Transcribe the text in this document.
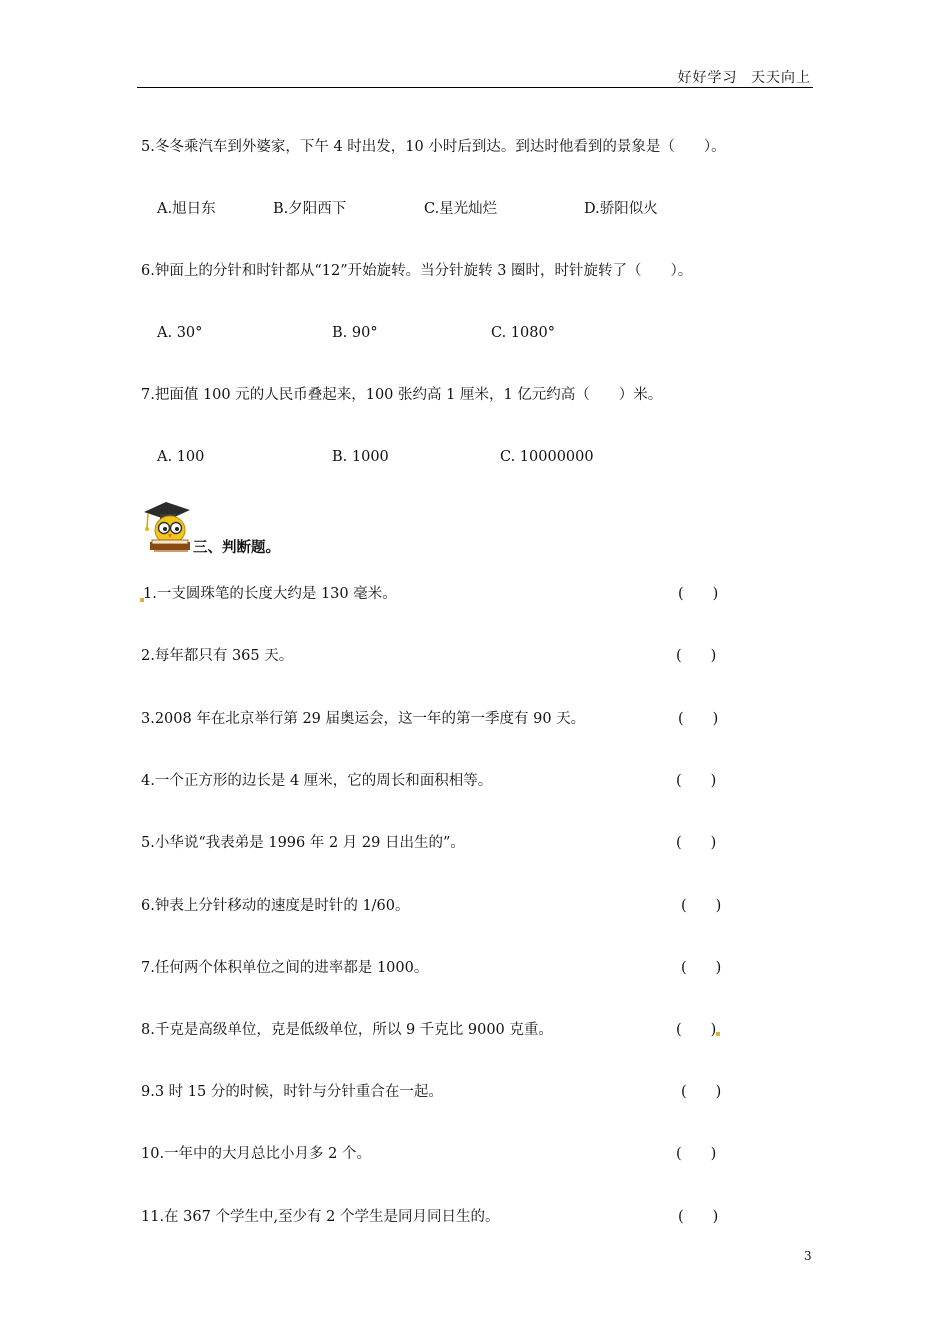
好好学习 天天向上
5.冬冬乘汽车到外婆家，下午 4 时出发，10 小时后到达。到达时他看到的景象是（　　）。
A.旭日东	B.夕阳西下	C.星光灿烂	D.骄阳似火
6.钟面上的分针和时针都从“12”开始旋转。当分针旋转 3 圈时，时针旋转了（　　）。
A. 30°	B. 90°	C. 1080°
7.把面值 100 元的人民币叠起来，100 张约高 1 厘米，1 亿元约高（　　）米。
A. 100	B. 1000	C. 10000000
三、判断题。
1.一支圆珠笔的长度大约是 130 毫米。	(　　)
2.每年都只有 365 天。	(　　)
3.2008 年在北京举行第 29 届奥运会，这一年的第一季度有 90 天。	(　　)
4.一个正方形的边长是 4 厘米，它的周长和面积相等。	(　　)
5.小华说“我表弟是 1996 年 2 月 29 日出生的”。	(　　)
6.钟表上分针移动的速度是时针的 1/60。	(　　)
7.任何两个体积单位之间的进率都是 1000。	(　　)
8.千克是高级单位，克是低级单位，所以 9 千克比 9000 克重。	(　　)
9.3 时 15 分的时候，时针与分针重合在一起。	(　　)
10.一年中的大月总比小月多 2 个。	(　　)
11.在 367 个学生中,至少有 2 个学生是同月同日生的。	(　　)
3
